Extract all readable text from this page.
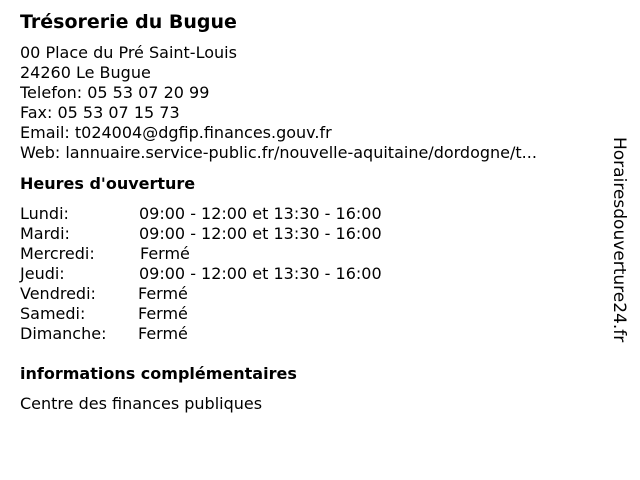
Trésorerie du Bugue
00 Place du Pré Saint-Louis
24260 Le Bugue
Telefon: 05 53 07 20 99
Fax: 05 53 07 15 73
Email: t024004@dgfip.finances.gouv.fr
Web: lannuaire.service-public.fr/nouvelle-aquitaine/dordogne/t...
Heures d'ouverture
Lundi:	09:00 - 12:00 et 13:30 - 16:00
Mardi:	09:00 - 12:00 et 13:30 - 16:00
Mercredi:	Fermé
Jeudi:	09:00 - 12:00 et 13:30 - 16:00
Vendredi:	Fermé
Samedi:	Fermé
Dimanche:	Fermé
informations complémentaires
Centre des finances publiques
Horairesdouverture24.fr
